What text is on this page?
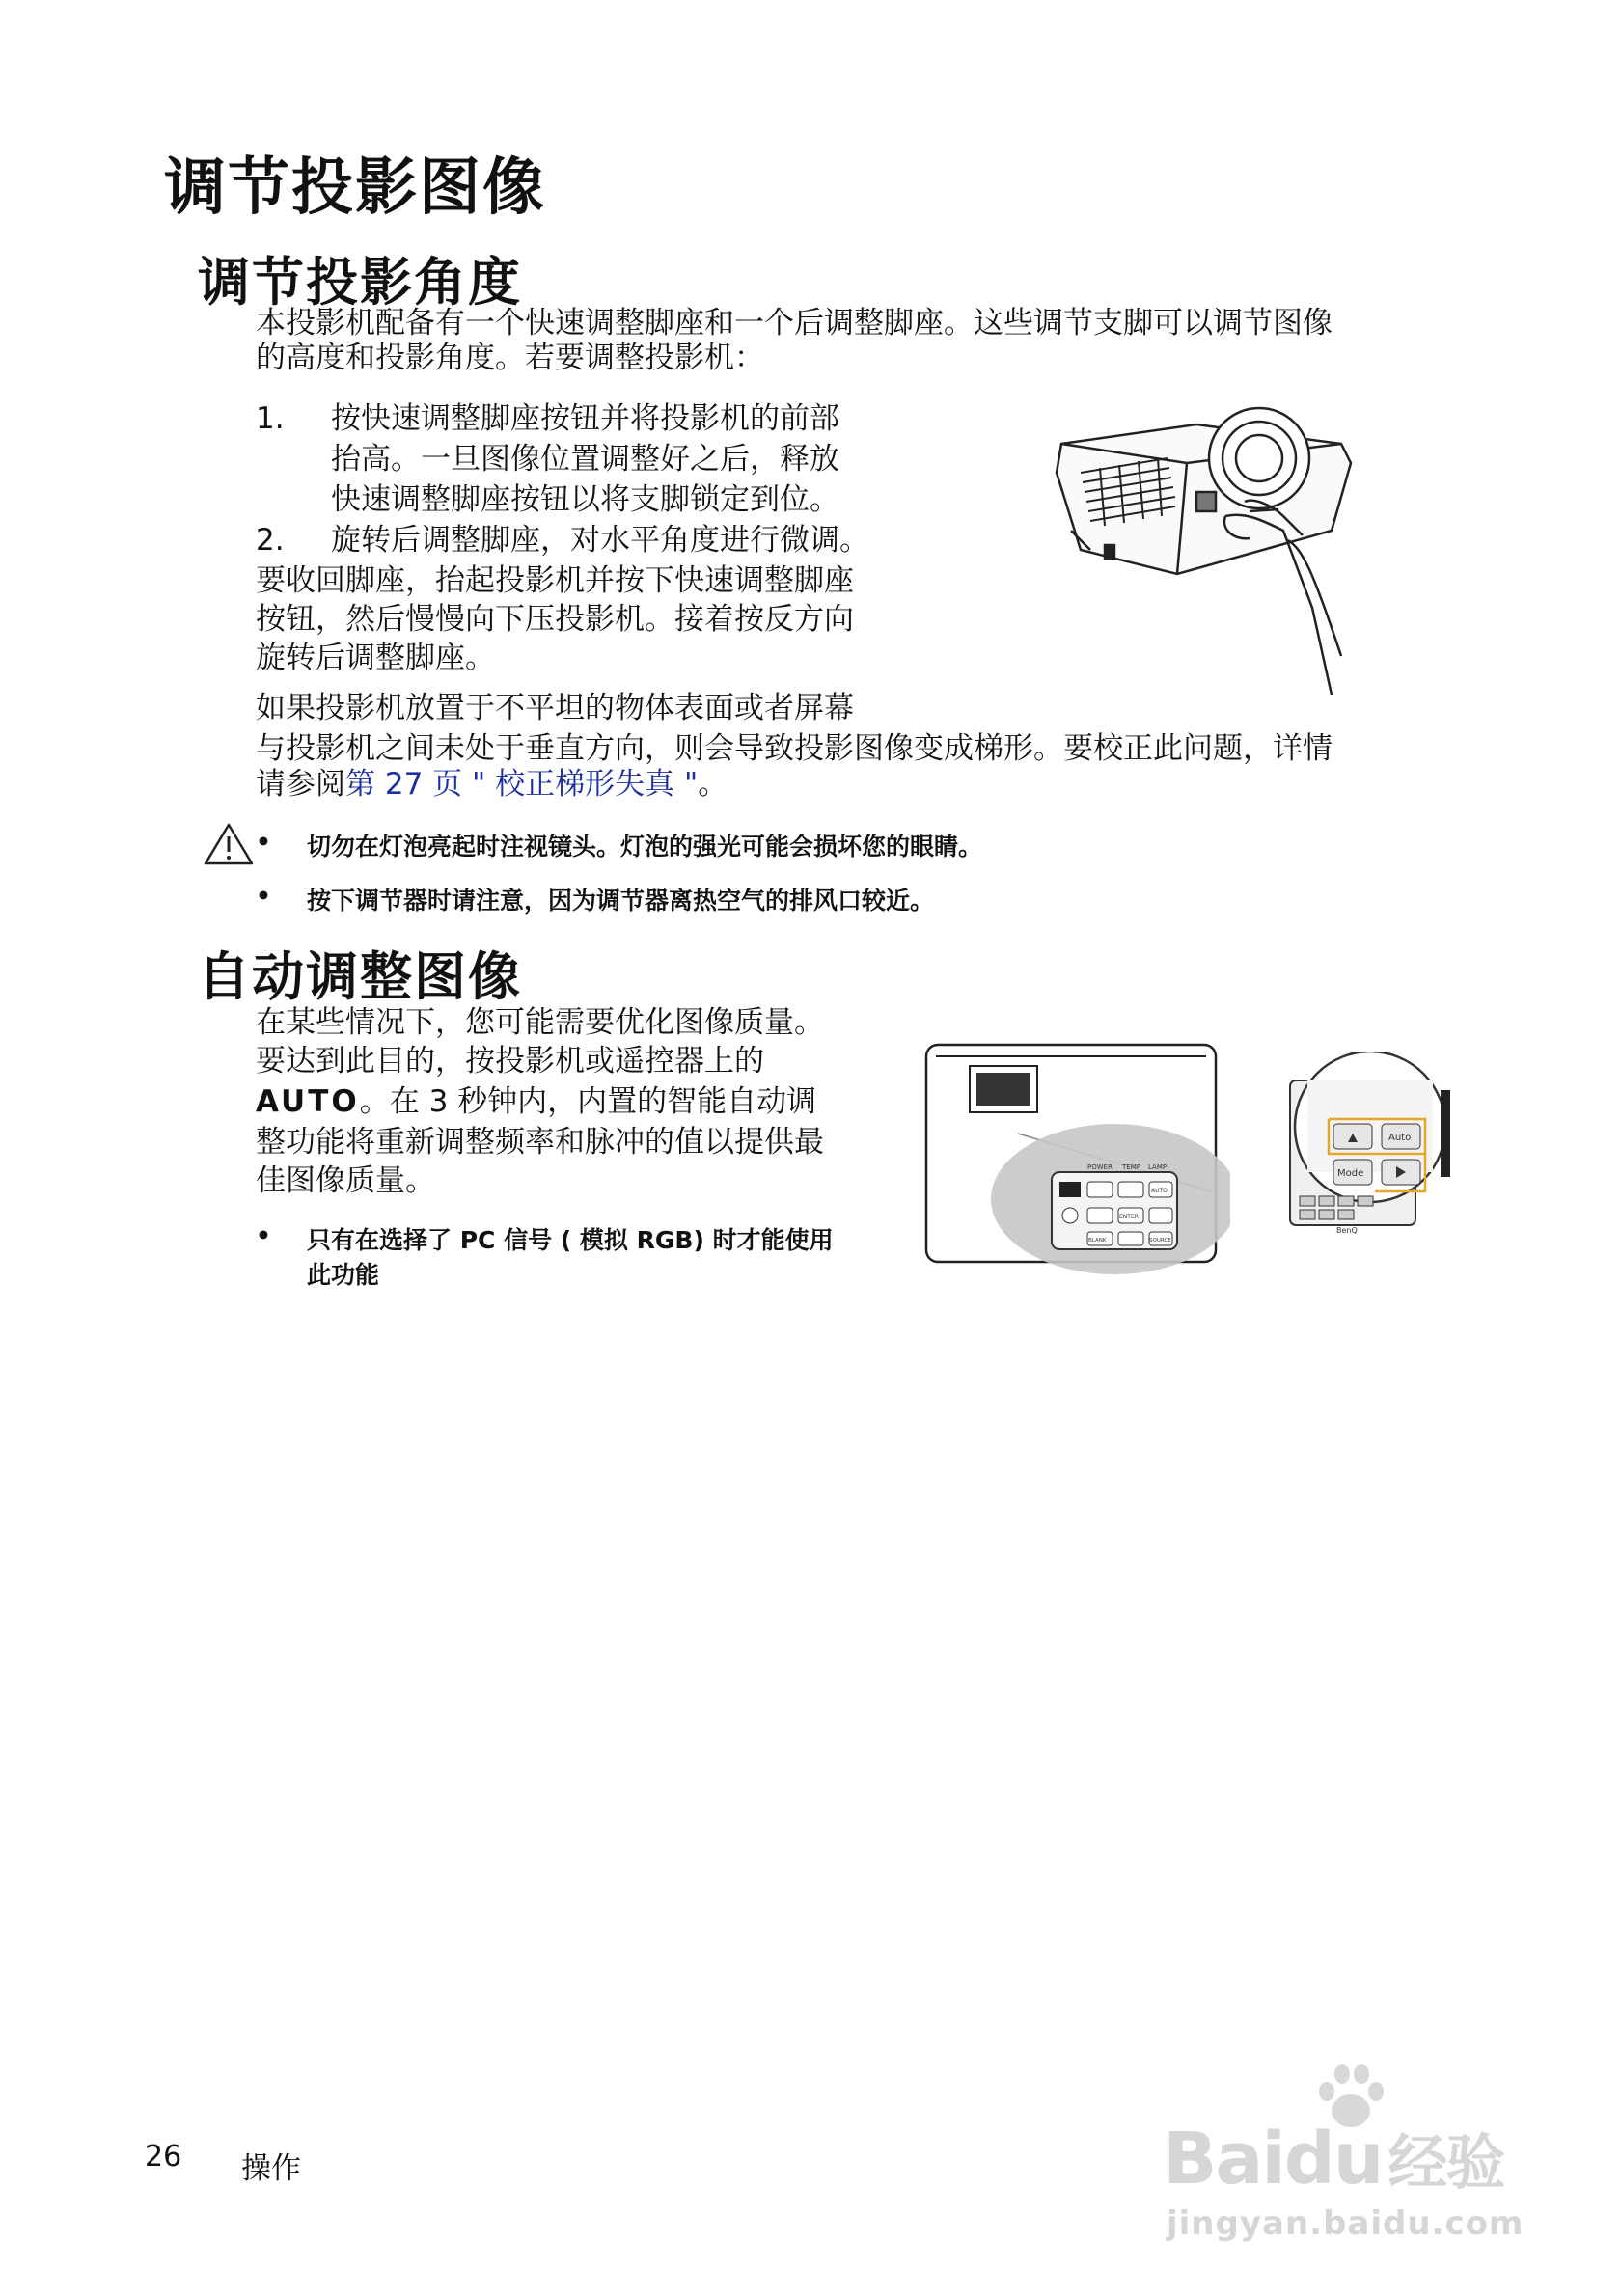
调节投影图像
调节投影角度
本投影机配备有一个快速调整脚座和一个后调整脚座。这些调节支脚可以调节图像
的高度和投影角度。若要调整投影机：
1. 按快速调整脚座按钮并将投影机的前部
抬高。一旦图像位置调整好之后，释放
快速调整脚座按钮以将支脚锁定到位。
2. 旋转后调整脚座，对水平角度进行微调。
要收回脚座，抬起投影机并按下快速调整脚座
按钮，然后慢慢向下压投影机。接着按反方向
旋转后调整脚座。
如果投影机放置于不平坦的物体表面或者屏幕
与投影机之间未处于垂直方向，则会导致投影图像变成梯形。要校正此问题，详情
请参阅第 27 页 " 校正梯形失真 "。
• 切勿在灯泡亮起时注视镜头。灯泡的强光可能会损坏您的眼睛。
• 按下调节器时请注意，因为调节器离热空气的排风口较近。
自动调整图像
在某些情况下，您可能需要优化图像质量。
要达到此目的，按投影机或遥控器上的
AUTO。在 3 秒钟内，内置的智能自动调
整功能将重新调整频率和脉冲的值以提供最
佳图像质量。
• 只有在选择了 PC 信号 ( 模拟 RGB) 时才能使用
此功能
POWER TEMP LAMP
AUTO
ENTER
SOURCE
BLANK
Auto
Mode
BenQ
26 操作	Baidu经验
jingyan.baidu.com
